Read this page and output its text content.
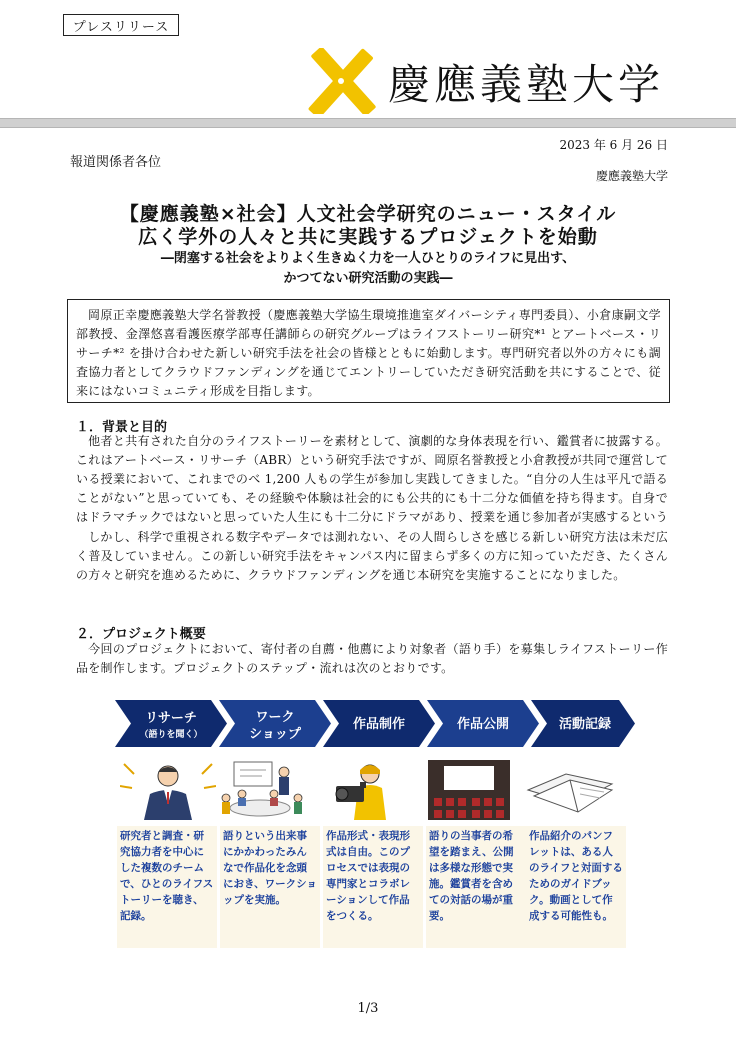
プレスリリース
慶應義塾大学
2023 年 6 月 26 日
報道関係者各位
慶應義塾大学
【慶應義塾×社会】人文社会学研究のニュー・スタイル
広く学外の人々と共に実践するプロジェクトを始動
―閉塞する社会をよりよく生きぬく力を一人ひとりのライフに見出す、
かつてない研究活動の実践―
岡原正幸慶應義塾大学名誉教授（慶應義塾大学協生環境推進室ダイバーシティ専門委員）、小倉康嗣文学部教授、金澤悠喜看護医療学部専任講師らの研究グループはライフストーリー研究*¹ とアートベース・リサーチ*² を掛け合わせた新しい研究手法を社会の皆様とともに始動します。専門研究者以外の方々にも調査協力者としてクラウドファンディングを通じてエントリーしていただき研究活動を共にすることで、従来にはないコミュニティ形成を目指します。
１．背景と目的
他者と共有された自分のライフストーリーを素材として、演劇的な身体表現を行い、鑑賞者に披露する。これはアートベース・リサーチ（ABR）という研究手法ですが、岡原名誉教授と小倉教授が共同で運営している授業において、これまでのべ 1,200 人もの学生が参加し実践してきました。“自分の人生は平凡で語ることがない”と思っていても、その経験や体験は社会的にも公共的にも十二分な価値を持ち得ます。自身ではドラマチックではないと思っていた人生にも十二分にドラマがあり、授業を通じ参加者が実感するという
しかし、科学で重視される数字やデータでは測れない、その人間らしさを感じる新しい研究方法は未だ広く普及していません。この新しい研究手法をキャンパス内に留まらず多くの方に知っていただき、たくさんの方々と研究を進めるために、クラウドファンディングを通じ本研究を実施することになりました。
２．プロジェクト概要
今回のプロジェクトにおいて、寄付者の自薦・他薦により対象者（語り手）を募集しライフストーリー作品を制作します。プロジェクトのステップ・流れは次のとおりです。
リサーチ
（語りを聞く）
ワーク
ショップ
作品制作	作品公開	活動記録
研究者と調査・研究協力者を中心にした複数のチームで、ひとのライフストーリーを聴き、記録。
語りという出来事にかかわったみんなで作品化を念頭におき、ワークショップを実施。
作品形式・表現形式は自由。このプロセスでは表現の専門家とコラボレーションして作品をつくる。
語りの当事者の希望を踏まえ、公開は多様な形態で実施。鑑賞者を含めての対話の場が重要。
作品紹介のパンフレットは、ある人のライフと対面するためのガイドブック。動画として作成する可能性も。
1/3
